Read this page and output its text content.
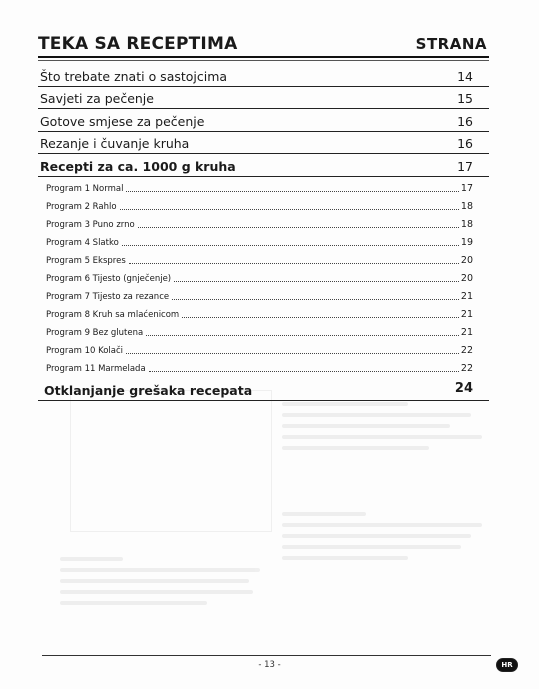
TEKA SA RECEPTIMA	STRANA
Što trebate znati o sastojcima	14
Savjeti za pečenje	15
Gotove smjese za pečenje	16
Rezanje i čuvanje kruha	16
Recepti za ca. 1000 g kruha	17
Program 1 Normal	17
Program 2 Rahlo	18
Program 3 Puno zrno	18
Program 4 Slatko	19
Program 5 Ekspres	20
Program 6 Tijesto (gnječenje)	20
Program 7 Tijesto za rezance	21
Program 8 Kruh sa mlaćenicom	21
Program 9 Bez glutena	21
Program 10 Kolači	22
Program 11 Marmelada	22
Otklanjanje grešaka recepata	24
- 13 -	HR
